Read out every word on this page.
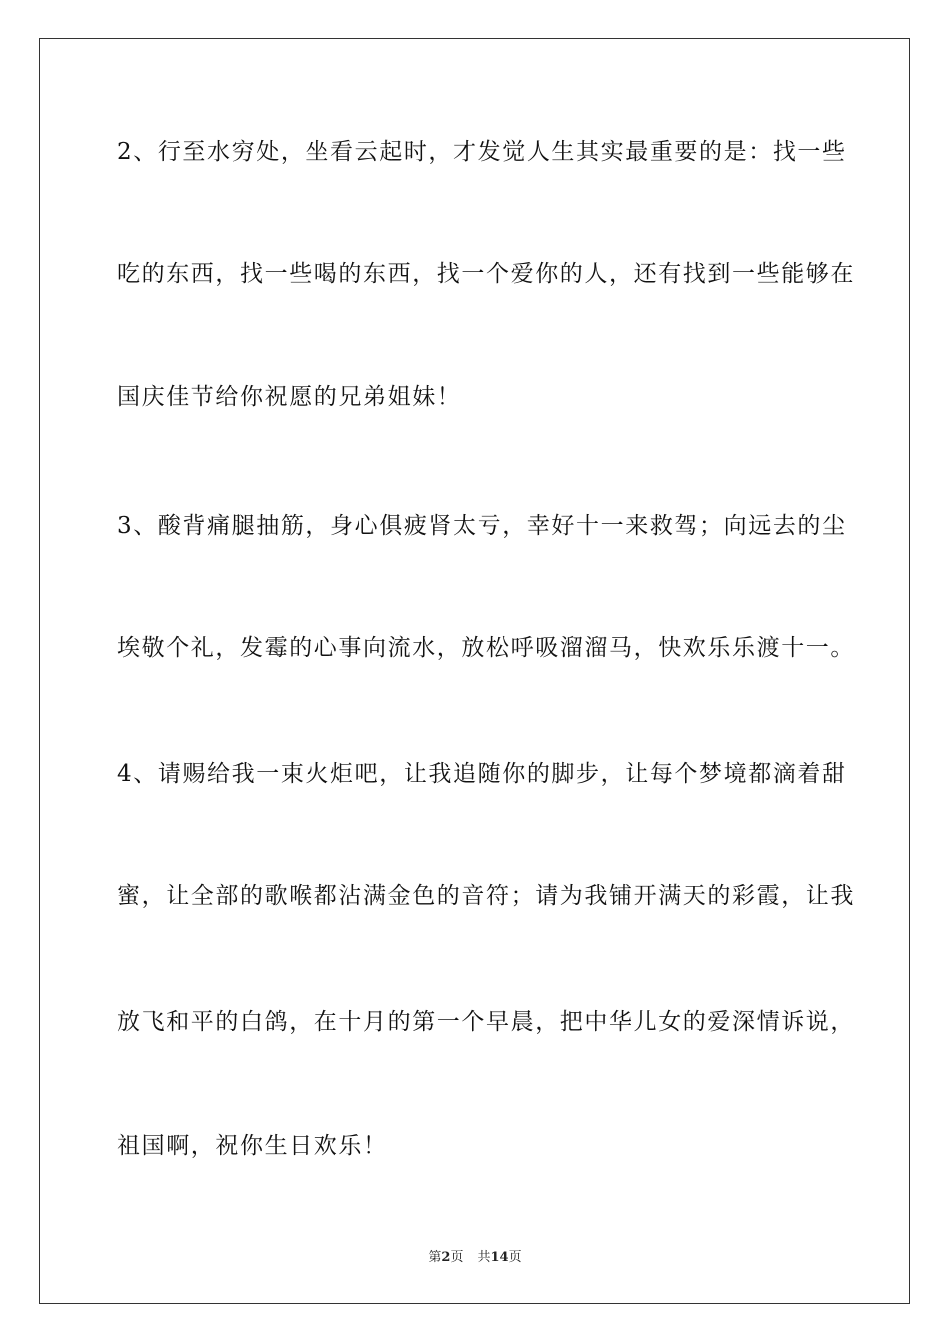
2、行至水穷处，坐看云起时，才发觉人生其实最重要的是：找一些
吃的东西，找一些喝的东西，找一个爱你的人，还有找到一些能够在
国庆佳节给你祝愿的兄弟姐妹！
3、酸背痛腿抽筋，身心俱疲肾太亏，幸好十一来救驾；向远去的尘
埃敬个礼，发霉的心事向流水，放松呼吸溜溜马，快欢乐乐渡十一。
4、请赐给我一束火炬吧，让我追随你的脚步，让每个梦境都滴着甜
蜜，让全部的歌喉都沾满金色的音符；请为我铺开满天的彩霞，让我
放飞和平的白鸽，在十月的第一个早晨，把中华儿女的爱深情诉说，
祖国啊，祝你生日欢乐！
第2页 共14页
